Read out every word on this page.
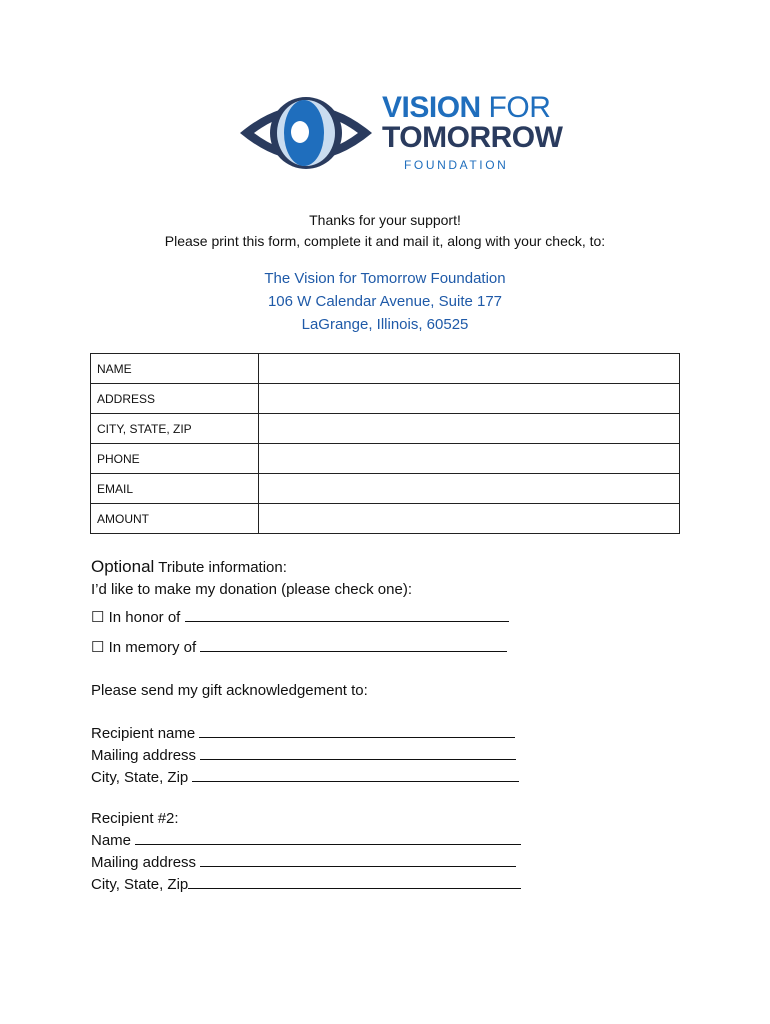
VISION FOR
TOMORROW
FOUNDATION
Thanks for your support!
Please print this form, complete it and mail it, along with your check, to:
The Vision for Tomorrow Foundation
106 W Calendar Avenue, Suite 177
LaGrange, Illinois, 60525
NAME	
ADDRESS	
CITY, STATE, ZIP	
PHONE	
EMAIL	
AMOUNT	
Optional Tribute information:
I’d like to make my donation (please check one):
☐ In honor of
☐ In memory of
Please send my gift acknowledgement to:
Recipient name
Mailing address
City, State, Zip
Recipient #2:
Name
Mailing address
City, State, Zip
